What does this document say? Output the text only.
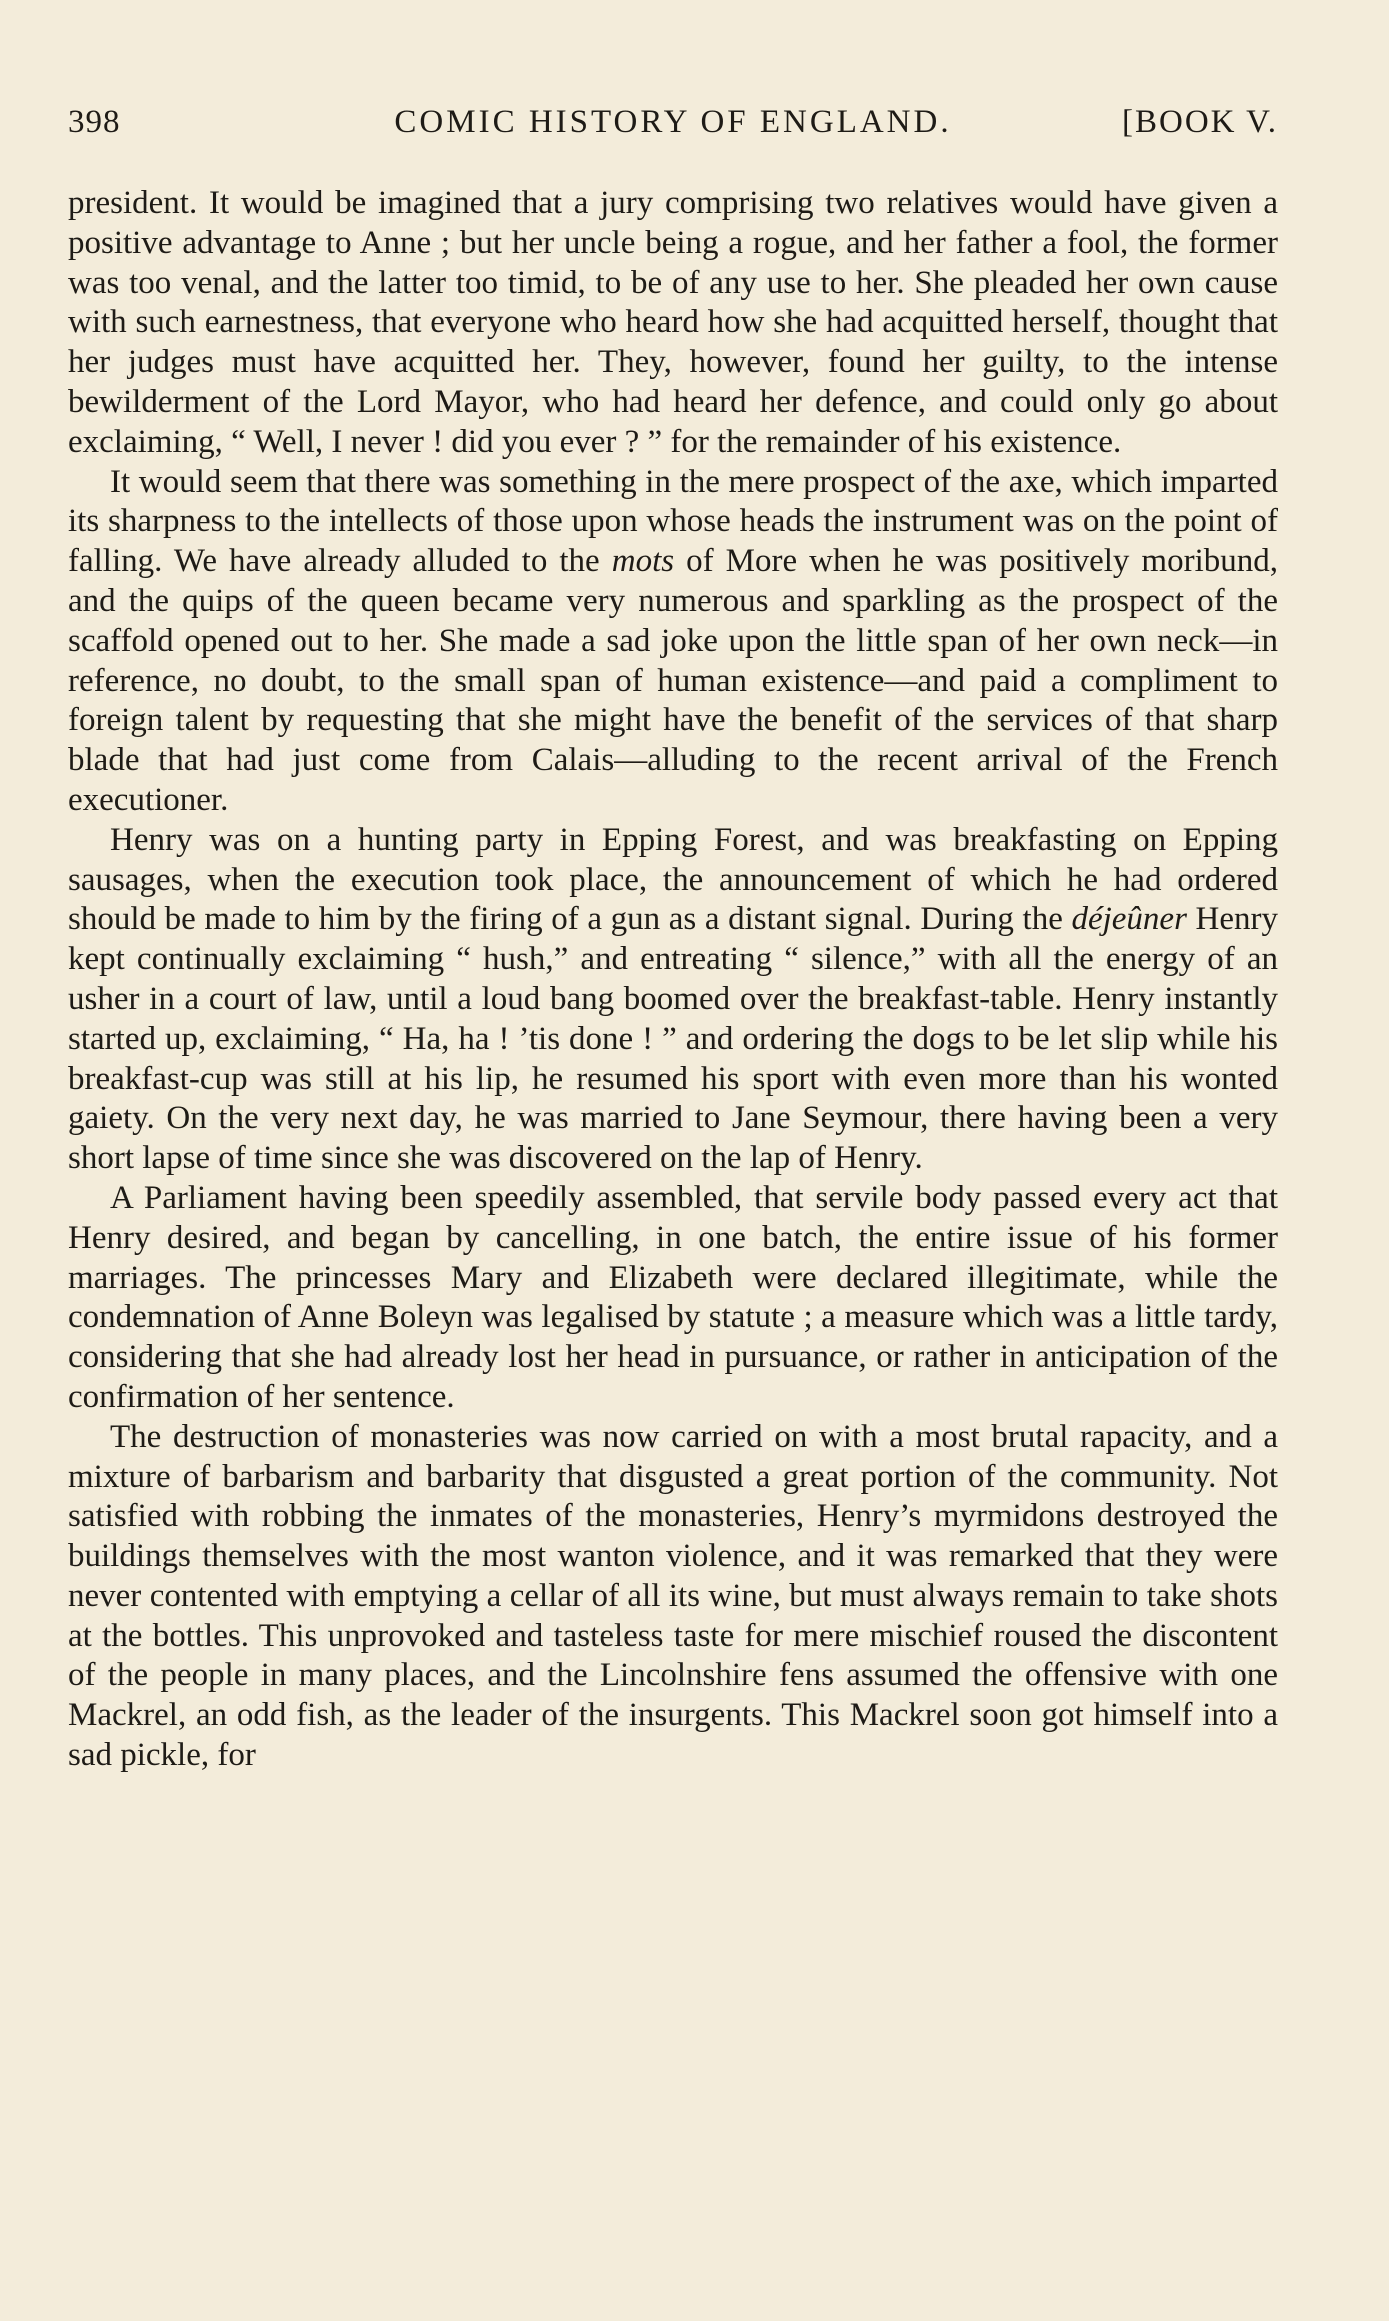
398	COMIC HISTORY OF ENGLAND.	[BOOK V.

president. It would be imagined that a jury comprising two relatives would have given a positive advantage to Anne ; but her uncle being a rogue, and her father a fool, the former was too venal, and the latter too timid, to be of any use to her. She pleaded her own cause with such earnestness, that everyone who heard how she had acquitted herself, thought that her judges must have acquitted her. They, however, found her guilty, to the intense bewilderment of the Lord Mayor, who had heard her defence, and could only go about exclaiming, “ Well, I never ! did you ever ? ” for the remainder of his existence.

It would seem that there was something in the mere prospect of the axe, which imparted its sharpness to the intellects of those upon whose heads the instrument was on the point of falling. We have already alluded to the mots of More when he was positively moribund, and the quips of the queen became very numerous and sparkling as the prospect of the scaffold opened out to her. She made a sad joke upon the little span of her own neck—in reference, no doubt, to the small span of human existence—and paid a compliment to foreign talent by requesting that she might have the benefit of the services of that sharp blade that had just come from Calais—alluding to the recent arrival of the French executioner.

Henry was on a hunting party in Epping Forest, and was breakfasting on Epping sausages, when the execution took place, the announcement of which he had ordered should be made to him by the firing of a gun as a distant signal. During the déjeûner Henry kept continually exclaiming “ hush,” and entreating “ silence,” with all the energy of an usher in a court of law, until a loud bang boomed over the breakfast-table. Henry instantly started up, exclaiming, “ Ha, ha ! ’tis done ! ” and ordering the dogs to be let slip while his breakfast-cup was still at his lip, he resumed his sport with even more than his wonted gaiety. On the very next day, he was married to Jane Seymour, there having been a very short lapse of time since she was discovered on the lap of Henry.

A Parliament having been speedily assembled, that servile body passed every act that Henry desired, and began by cancelling, in one batch, the entire issue of his former marriages. The princesses Mary and Elizabeth were declared illegitimate, while the condemnation of Anne Boleyn was legalised by statute ; a measure which was a little tardy, considering that she had already lost her head in pursuance, or rather in anticipation of the confirmation of her sentence.

The destruction of monasteries was now carried on with a most brutal rapacity, and a mixture of barbarism and barbarity that disgusted a great portion of the community. Not satisfied with robbing the inmates of the monasteries, Henry’s myrmidons destroyed the buildings themselves with the most wanton violence, and it was remarked that they were never contented with emptying a cellar of all its wine, but must always remain to take shots at the bottles. This unprovoked and tasteless taste for mere mischief roused the discontent of the people in many places, and the Lincolnshire fens assumed the offensive with one Mackrel, an odd fish, as the leader of the insurgents. This Mackrel soon got himself into a sad pickle, for
